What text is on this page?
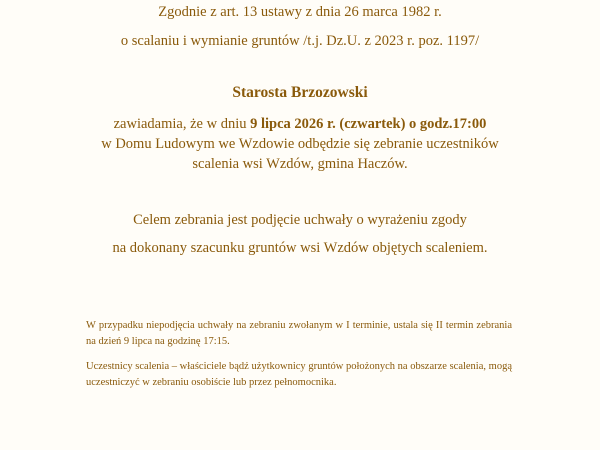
Zgodnie z art. 13 ustawy z dnia 26 marca 1982 r.
o scalaniu i wymianie gruntów /t.j. Dz.U. z 2023 r. poz. 1197/
Starosta Brzozowski
zawiadamia, że w dniu 9 lipca 2026 r. (czwartek) o godz.17:00
w Domu Ludowym we Wzdowie odbędzie się zebranie uczestników
scalenia wsi Wzdów, gmina Haczów.
Celem zebrania jest podjęcie uchwały o wyrażeniu zgody
na dokonany szacunku gruntów wsi Wzdów objętych scaleniem.
W przypadku niepodjęcia uchwały na zebraniu zwołanym w I terminie, ustala się II termin zebrania na dzień 9 lipca na godzinę 17:15.
Uczestnicy scalenia – właściciele bądź użytkownicy gruntów położonych na obszarze scalenia, mogą uczestniczyć w zebraniu osobiście lub przez pełnomocnika.
